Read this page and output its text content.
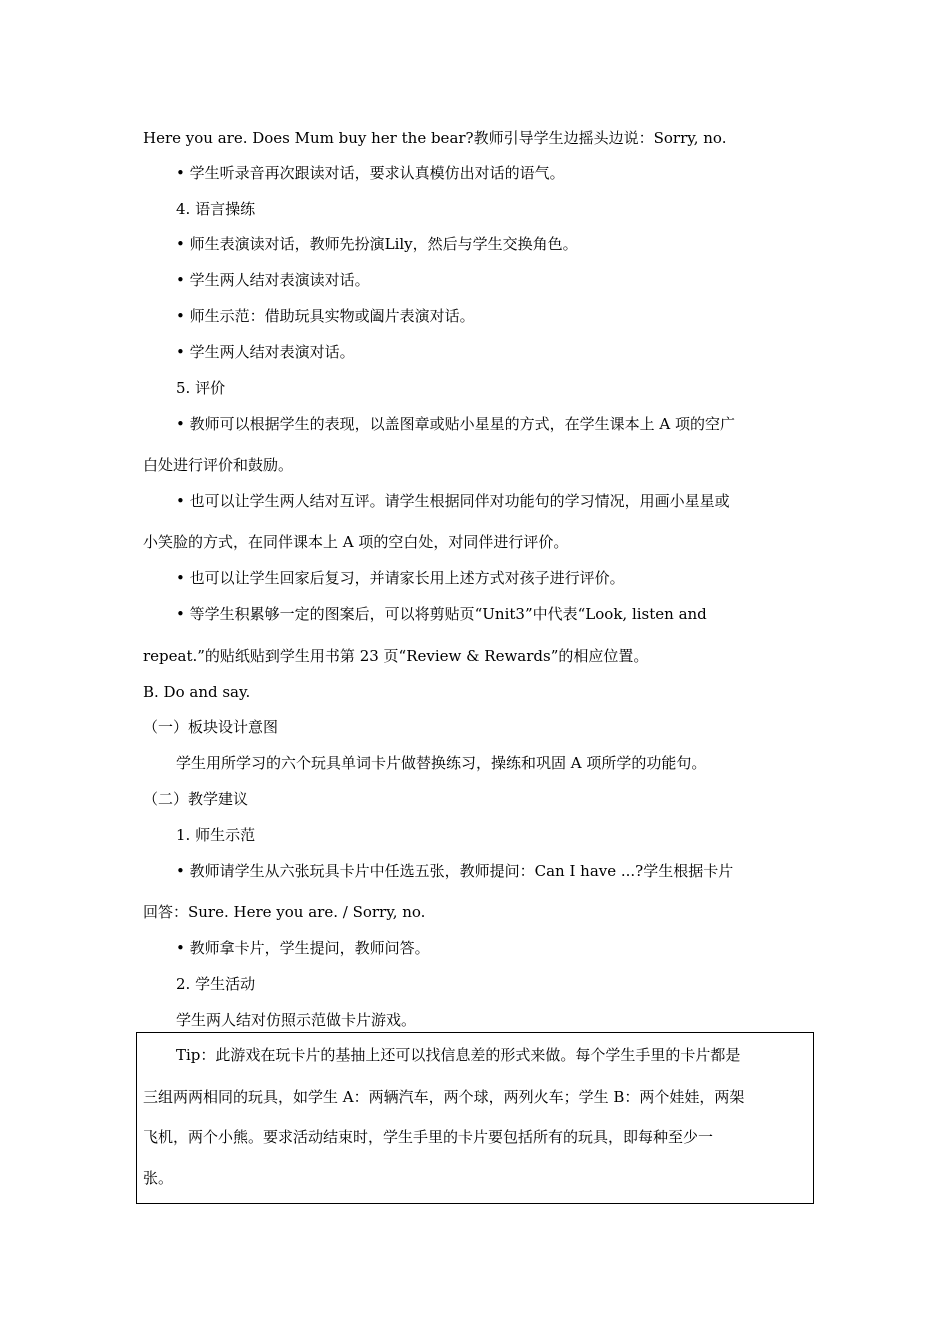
Here you are. Does Mum buy her the bear?教师引导学生边摇头边说：Sorry, no.
• 学生听录音再次跟读对话，要求认真模仿出对话的语气。
4. 语言操练
• 师生表演读对话，教师先扮演Lily，然后与学生交换角色。
• 学生两人结对表演读对话。
• 师生示范：借助玩具实物或阖片表演对话。
• 学生两人结对表演对话。
5. 评价
• 教师可以根据学生的表现，以盖图章或贴小星星的方式，在学生课本上 A 项的空广
白处进行评价和鼓励。
• 也可以让学生两人结对互评。请学生根据同伴对功能句的学习情况，用画小星星或
小笑脸的方式，在同伴课本上 A 项的空白处，对同伴进行评价。
• 也可以让学生回家后复习，并请家长用上述方式对孩子进行评价。
• 等学生积累够一定的图案后，可以将剪贴页“Unit3”中代表“Look, listen and
repeat.”的贴纸贴到学生用书第 23 页“Review & Rewards”的相应位置。
B. Do and say.
（一）板块设计意图
学生用所学习的六个玩具单词卡片做替换练习，操练和巩固 A 项所学的功能句。
（二）教学建议
1. 师生示范
• 教师请学生从六张玩具卡片中任选五张，教师提问：Can I have ...?学生根据卡片
回答：Sure. Here you are. / Sorry, no.
• 教师拿卡片，学生提问，教师问答。
2. 学生活动
学生两人结对仿照示范做卡片游戏。
Tip：此游戏在玩卡片的基抽上还可以找信息差的形式来做。每个学生手里的卡片都是
三组两两相同的玩具，如学生 A：两辆汽车，两个球，两列火车；学生 B：两个娃娃，两架
飞机，两个小熊。要求活动结束时，学生手里的卡片要包括所有的玩具，即每种至少一
张。
